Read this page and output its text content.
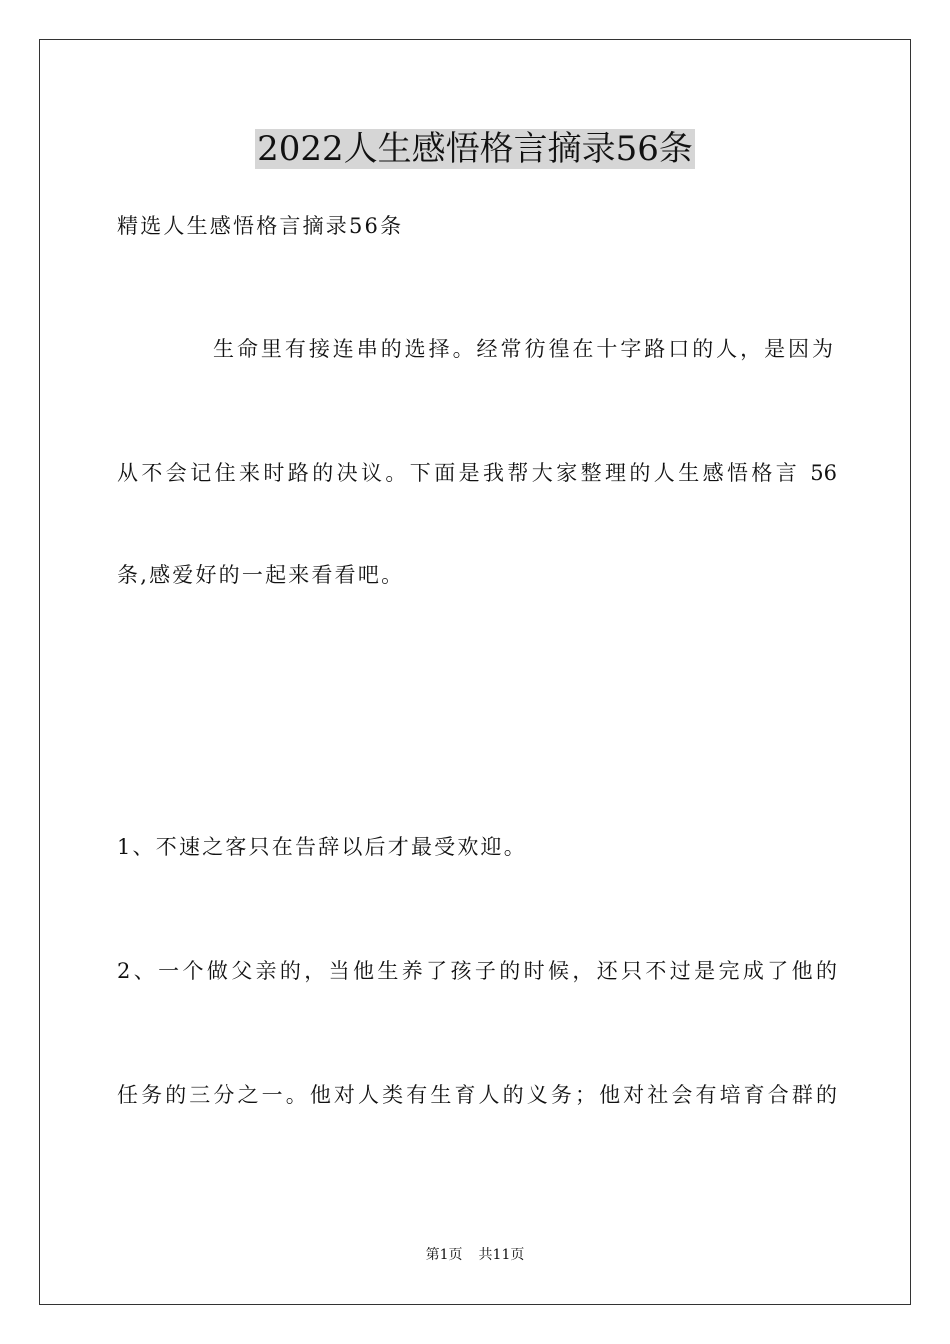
2022人生感悟格言摘录56条

精选人生感悟格言摘录56条

生命里有接连串的选择。经常彷徨在十字路口的人，是因为

从不会记住来时路的决议。下面是我帮大家整理的人生感悟格言 56

条,感爱好的一起来看看吧。

1、不速之客只在告辞以后才最受欢迎。

2、一个做父亲的，当他生养了孩子的时候，还只不过是完成了他的

任务的三分之一。他对人类有生育人的义务；他对社会有培育合群的

第1页 共11页
